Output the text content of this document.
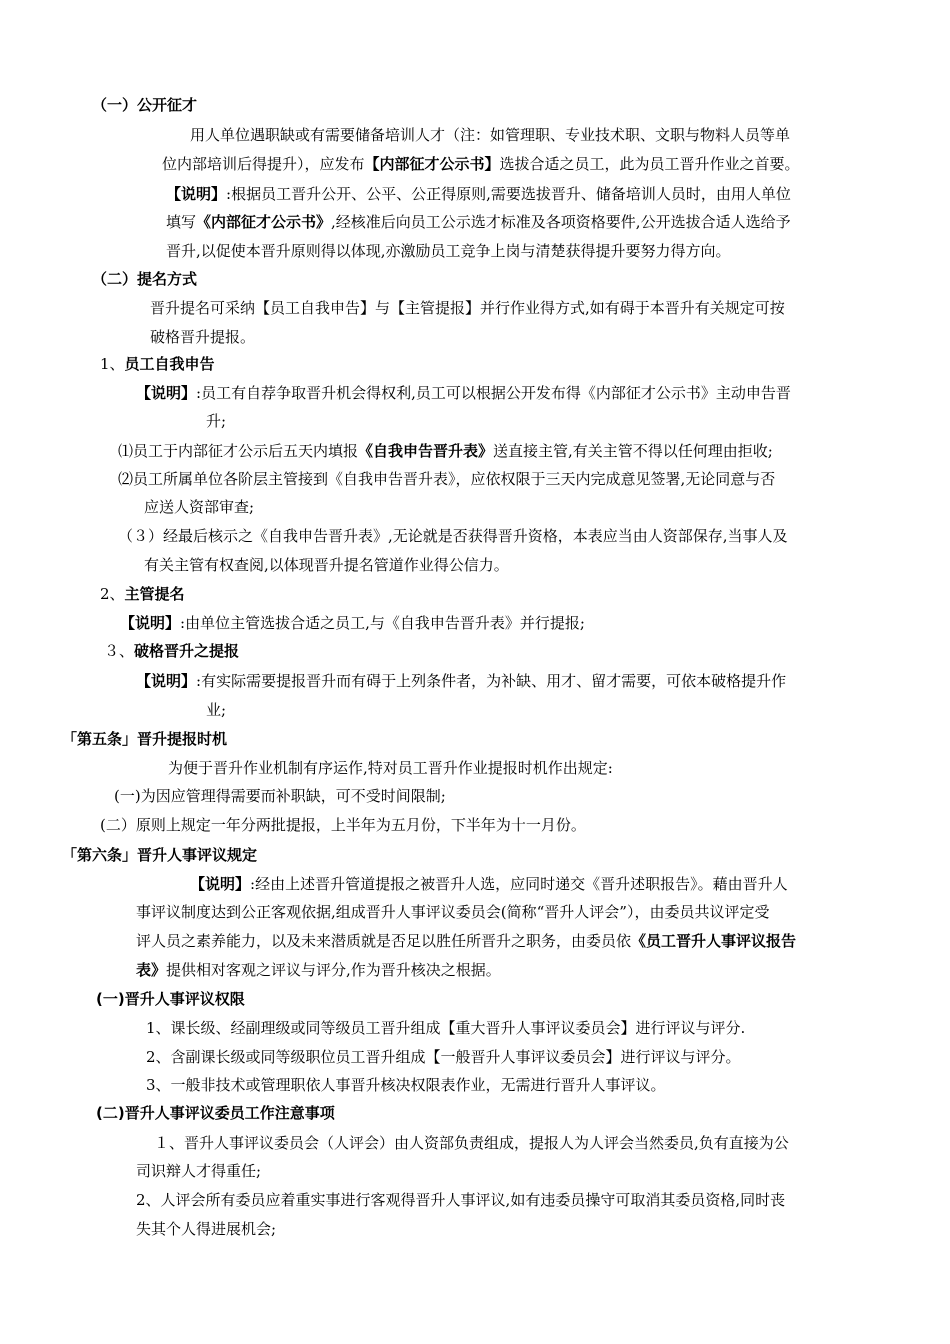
（一）公开征才
用人单位遇职缺或有需要储备培训人才（注：如管理职、专业技术职、文职与物料人员等单
位内部培训后得提升），应发布【内部征才公示书】选拔合适之员工，此为员工晋升作业之首要。
【说明】:根据员工晋升公开、公平、公正得原则,需要选拔晋升、储备培训人员时，由用人单位
填写《内部征才公示书》,经核准后向员工公示选才标准及各项资格要件,公开选拔合适人选给予
晋升,以促使本晋升原则得以体现,亦激励员工竞争上岗与清楚获得提升要努力得方向。
（二）提名方式
晋升提名可采纳【员工自我申告】与【主管提报】并行作业得方式,如有碍于本晋升有关规定可按
破格晋升提报。
1、员工自我申告
【说明】:员工有自荐争取晋升机会得权利,员工可以根据公开发布得《内部征才公示书》主动申告晋
升;
⑴员工于内部征才公示后五天内填报《自我申告晋升表》送直接主管,有关主管不得以任何理由拒收;
⑵员工所属单位各阶层主管接到《自我申告晋升表》，应依权限于三天内完成意见签署,无论同意与否
应送人资部审查;
（３）经最后核示之《自我申告晋升表》,无论就是否获得晋升资格，本表应当由人资部保存,当事人及
有关主管有权查阅,以体现晋升提名管道作业得公信力。
2、主管提名
【说明】:由单位主管选拔合适之员工,与《自我申告晋升表》并行提报;
３、破格晋升之提报
【说明】:有实际需要提报晋升而有碍于上列条件者，为补缺、用才、留才需要，可依本破格提升作
业;
「第五条」晋升提报时机
为便于晋升作业机制有序运作,特对员工晋升作业提报时机作出规定:
(一)为因应管理得需要而补职缺，可不受时间限制;
(二）原则上规定一年分两批提报，上半年为五月份，下半年为十一月份。
「第六条」晋升人事评议规定
【说明】:经由上述晋升管道提报之被晋升人选，应同时递交《晋升述职报告》。藉由晋升人
事评议制度达到公正客观依据,组成晋升人事评议委员会(简称“晋升人评会”），由委员共议评定受
评人员之素养能力，以及未来潜质就是否足以胜任所晋升之职务，由委员依《员工晋升人事评议报告
表》提供相对客观之评议与评分,作为晋升核决之根据。
(一)晋升人事评议权限
1、课长级、经副理级或同等级员工晋升组成【重大晋升人事评议委员会】进行评议与评分.
2、含副课长级或同等级职位员工晋升组成【一般晋升人事评议委员会】进行评议与评分。
3、一般非技术或管理职依人事晋升核决权限表作业，无需进行晋升人事评议。
(二)晋升人事评议委员工作注意事项
１、晋升人事评议委员会（人评会）由人资部负责组成，提报人为人评会当然委员,负有直接为公
司识辩人才得重任;
2、人评会所有委员应着重实事进行客观得晋升人事评议,如有违委员操守可取消其委员资格,同时丧
失其个人得进展机会;
